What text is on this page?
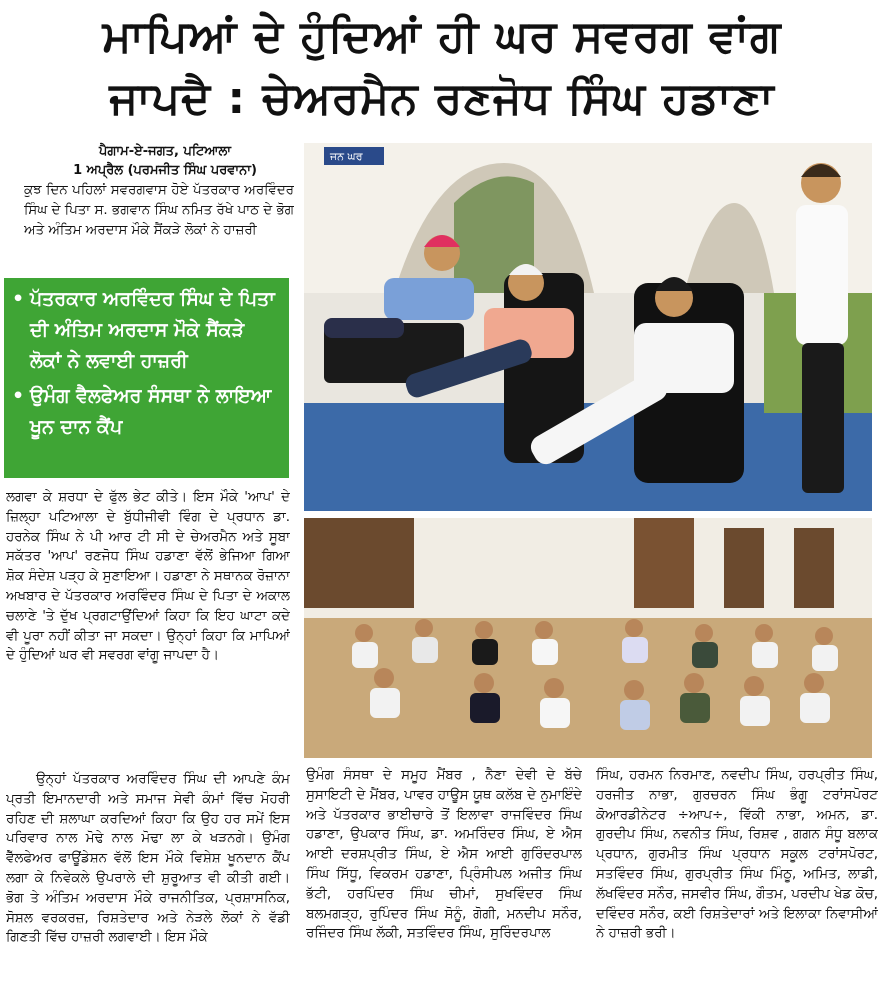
ਮਾਪਿਆਂ ਦੇ ਹੁੰਦਿਆਂ ਹੀ ਘਰ ਸਵਰਗ ਵਾਂਗ
ਜਾਪਦੈ : ਚੇਅਰਮੈਨ ਰਣਜੋਧ ਸਿੰਘ ਹਡਾਣਾ
ਪੈਗਾਮ-ਏ-ਜਗਤ, ਪਟਿਆਲਾ
1 ਅਪ੍ਰੈਲ (ਪਰਮਜੀਤ ਸਿੰਘ ਪਰਵਾਨਾ)
ਕੁਝ ਦਿਨ ਪਹਿਲਾਂ ਸਵਰਗਵਾਸ ਹੋਏ ਪੱਤਰਕਾਰ ਅਰਵਿੰਦਰ ਸਿੰਘ ਦੇ ਪਿਤਾ ਸ. ਭਗਵਾਨ ਸਿੰਘ ਨਮਿਤ ਰੱਖੇ ਪਾਠ ਦੇ ਭੋਗ ਅਤੇ ਅੰਤਿਮ ਅਰਦਾਸ ਮੌਕੇ ਸੈਂਕੜੇ ਲੋਕਾਂ ਨੇ ਹਾਜ਼ਰੀ
• ਪੱਤਰਕਾਰ ਅਰਵਿੰਦਰ ਸਿੰਘ ਦੇ ਪਿਤਾ ਦੀ ਅੰਤਿਮ ਅਰਦਾਸ ਮੌਕੇ ਸੈਂਕੜੇ ਲੋਕਾਂ ਨੇ ਲਵਾਈ ਹਾਜ਼ਰੀ
• ਉਮੰਗ ਵੈਲਫੇਅਰ ਸੰਸਥਾ ਨੇ ਲਾਇਆ ਖੂਨ ਦਾਨ ਕੈਂਪ
ਲਗਵਾ ਕੇ ਸ਼ਰਧਾ ਦੇ ਫੁੱਲ ਭੇਟ ਕੀਤੇ। ਇਸ ਮੌਕੇ 'ਆਪ' ਦੇ ਜ਼ਿਲ੍ਹਾ ਪਟਿਆਲਾ ਦੇ ਬੁੱਧੀਜੀਵੀ ਵਿੰਗ ਦੇ ਪ੍ਰਧਾਨ ਡਾ. ਹਰਨੇਕ ਸਿੰਘ ਨੇ ਪੀ ਆਰ ਟੀ ਸੀ ਦੇ ਚੇਅਰਮੈਨ ਅਤੇ ਸੂਬਾ ਸਕੱਤਰ 'ਆਪ' ਰਣਜੋਧ ਸਿੰਘ ਹਡਾਣਾ ਵੱਲੋਂ ਭੇਜਿਆ ਗਿਆ ਸ਼ੋਕ ਸੰਦੇਸ਼ ਪੜ੍ਹ ਕੇ ਸੁਣਾਇਆ। ਹਡਾਣਾ ਨੇ ਸਥਾਨਕ ਰੋਜ਼ਾਨਾ ਅਖਬਾਰ ਦੇ ਪੱਤਰਕਾਰ ਅਰਵਿੰਦਰ ਸਿੰਘ ਦੇ ਪਿਤਾ ਦੇ ਅਕਾਲ ਚਲਾਣੇ 'ਤੇ ਦੁੱਖ ਪ੍ਰਗਟਾਉਂਦਿਆਂ ਕਿਹਾ ਕਿ ਇਹ ਘਾਟਾ ਕਦੇ ਵੀ ਪੂਰਾ ਨਹੀਂ ਕੀਤਾ ਜਾ ਸਕਦਾ। ਉਨ੍ਹਾਂ ਕਿਹਾ ਕਿ ਮਾਪਿਆਂ ਦੇ ਹੁੰਦਿਆਂ ਘਰ ਵੀ ਸਵਰਗ ਵਾਂਗੂ ਜਾਪਦਾ ਹੈ।
ਉਨ੍ਹਾਂ ਪੱਤਰਕਾਰ ਅਰਵਿੰਦਰ ਸਿੰਘ ਦੀ ਆਪਣੇ ਕੰਮ ਪ੍ਰਤੀ ਇਮਾਨਦਾਰੀ ਅਤੇ ਸਮਾਜ ਸੇਵੀ ਕੰਮਾਂ ਵਿੱਚ ਮੋਹਰੀ ਰਹਿਣ ਦੀ ਸ਼ਲਾਘਾ ਕਰਦਿਆਂ ਕਿਹਾ ਕਿ ਉਹ ਹਰ ਸਮੇਂ ਇਸ ਪਰਿਵਾਰ ਨਾਲ ਮੋਢੇ ਨਾਲ ਮੋਢਾ ਲਾ ਕੇ ਖੜਨਗੇ। ਉਮੰਗ ਵੈੱਲਫੇਅਰ ਫਾਊਂਡੇਸ਼ਨ ਵੱਲੋਂ ਇਸ ਮੌਕੇ ਵਿਸ਼ੇਸ਼ ਖੂਨਦਾਨ ਕੈਂਪ ਲਗਾ ਕੇ ਨਿਵੇਕਲੇ ਉਪਰਾਲੇ ਦੀ ਸ਼ੁਰੂਆਤ ਵੀ ਕੀਤੀ ਗਈ। ਭੋਗ ਤੇ ਅੰਤਿਮ ਅਰਦਾਸ ਮੌਕੇ ਰਾਜਨੀਤਿਕ, ਪ੍ਰਸ਼ਾਸਨਿਕ, ਸੋਸ਼ਲ ਵਰਕਰਜ਼, ਰਿਸ਼ਤੇਦਾਰ ਅਤੇ ਨੇੜਲੇ ਲੋਕਾਂ ਨੇ ਵੱਡੀ ਗਿਣਤੀ ਵਿੱਚ ਹਾਜ਼ਰੀ ਲਗਵਾਈ। ਇਸ ਮੌਕੇ
ਉਮੰਗ ਸੰਸਥਾ ਦੇ ਸਮੂਹ ਮੈਂਬਰ , ਨੈਣਾ ਦੇਵੀ ਦੇ ਬੱਚੇ ਸੁਸਾਇਟੀ ਦੇ ਮੈਂਬਰ, ਪਾਵਰ ਹਾਊਸ ਯੂਥ ਕਲੱਬ ਦੇ ਨੁਮਾਇੰਦੇ ਅਤੇ ਪੱਤਰਕਾਰ ਭਾਈਚਾਰੇ ਤੋਂ ਇਲਾਵਾ ਰਾਜਵਿੰਦਰ ਸਿੰਘ ਹਡਾਣਾ, ਉਪਕਾਰ ਸਿੰਘ, ਡਾ. ਅਮਰਿੰਦਰ ਸਿੰਘ, ਏ ਐਸ ਆਈ ਦਰਸ਼ਪ੍ਰੀਤ ਸਿੰਘ, ਏ ਐਸ ਆਈ ਗੁਰਿੰਦਰਪਾਲ ਸਿੰਘ ਸਿੱਧੂ, ਵਿਕਰਮ ਹਡਾਣਾ, ਪ੍ਰਿੰਸੀਪਲ ਅਜੀਤ ਸਿੰਘ ਭੱਟੀ, ਹਰਪਿੰਦਰ ਸਿੰਘ ਚੀਮਾਂ, ਸੁਖਵਿੰਦਰ ਸਿੰਘ ਬਲਮਗੜ੍ਹ, ਰੁਪਿੰਦਰ ਸਿੰਘ ਸੋਨੂੰ, ਗੋਗੀ, ਮਨਦੀਪ ਸਨੌਰ, ਰਜਿੰਦਰ ਸਿੰਘ ਲੱਕੀ, ਸਤਵਿੰਦਰ ਸਿੰਘ, ਸੁਰਿੰਦਰਪਾਲ
ਸਿੰਘ, ਹਰਮਨ ਨਿਰਮਾਣ, ਨਵਦੀਪ ਸਿੰਘ, ਹਰਪ੍ਰੀਤ ਸਿੰਘ, ਹਰਜੀਤ ਨਾਭਾ, ਗੁਰਚਰਨ ਸਿੰਘ ਭੰਗੂ ਟਰਾਂਸਪੋਰਟ ਕੋਆਰਡੀਨੇਟਰ ÷ਆਪ÷, ਵਿੱਕੀ ਨਾਭਾ, ਅਮਨ, ਡਾ. ਗੁਰਦੀਪ ਸਿੰਘ, ਨਵਨੀਤ ਸਿੰਘ, ਰਿਸ਼ਵ , ਗਗਨ ਸੰਧੂ ਬਲਾਕ ਪ੍ਰਧਾਨ, ਗੁਰਮੀਤ ਸਿੰਘ ਪ੍ਰਧਾਨ ਸਕੂਲ ਟਰਾਂਸਪੋਰਟ, ਸਤਵਿੰਦਰ ਸਿੰਘ, ਗੁਰਪ੍ਰੀਤ ਸਿੰਘ ਮਿੰਠੂ, ਅਮਿਤ, ਲਾਡੀ, ਲੱਖਵਿੰਦਰ ਸਨੌਰ, ਜਸਵੀਰ ਸਿੰਘ, ਗੌਤਮ, ਪਰਦੀਪ ਖੇਡ ਕੋਚ, ਦਵਿੰਦਰ ਸਨੌਰ, ਕਈ ਰਿਸ਼ਤੇਦਾਰਾਂ ਅਤੇ ਇਲਾਕਾ ਨਿਵਾਸੀਆਂ ਨੇ ਹਾਜ਼ਰੀ ਭਰੀ।
ਜਨ ਘਰ
